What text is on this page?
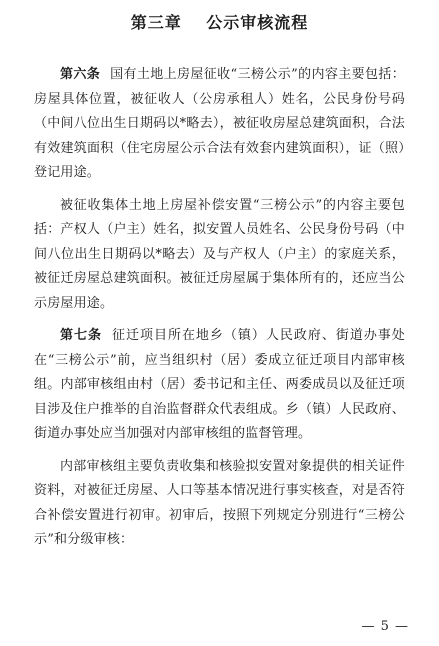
第三章 公示审核流程

第六条 国有土地上房屋征收“三榜公示”的内容主要包括：房屋具体位置，被征收人（公房承租人）姓名，公民身份号码（中间八位出生日期码以*略去），被征收房屋总建筑面积，合法有效建筑面积（住宅房屋公示合法有效套内建筑面积），证（照）登记用途。

被征收集体土地上房屋补偿安置“三榜公示”的内容主要包括：产权人（户主）姓名，拟安置人员姓名、公民身份号码（中间八位出生日期码以*略去）及与产权人（户主）的家庭关系，被征迁房屋总建筑面积。被征迁房屋属于集体所有的，还应当公示房屋用途。

第七条 征迁项目所在地乡（镇）人民政府、街道办事处在“三榜公示”前，应当组织村（居）委成立征迁项目内部审核组。内部审核组由村（居）委书记和主任、两委成员以及征迁项目涉及住户推举的自治监督群众代表组成。乡（镇）人民政府、街道办事处应当加强对内部审核组的监督管理。

内部审核组主要负责收集和核验拟安置对象提供的相关证件资料，对被征迁房屋、人口等基本情况进行事实核查，对是否符合补偿安置进行初审。初审后，按照下列规定分别进行“三榜公示”和分级审核：

— 5 —
